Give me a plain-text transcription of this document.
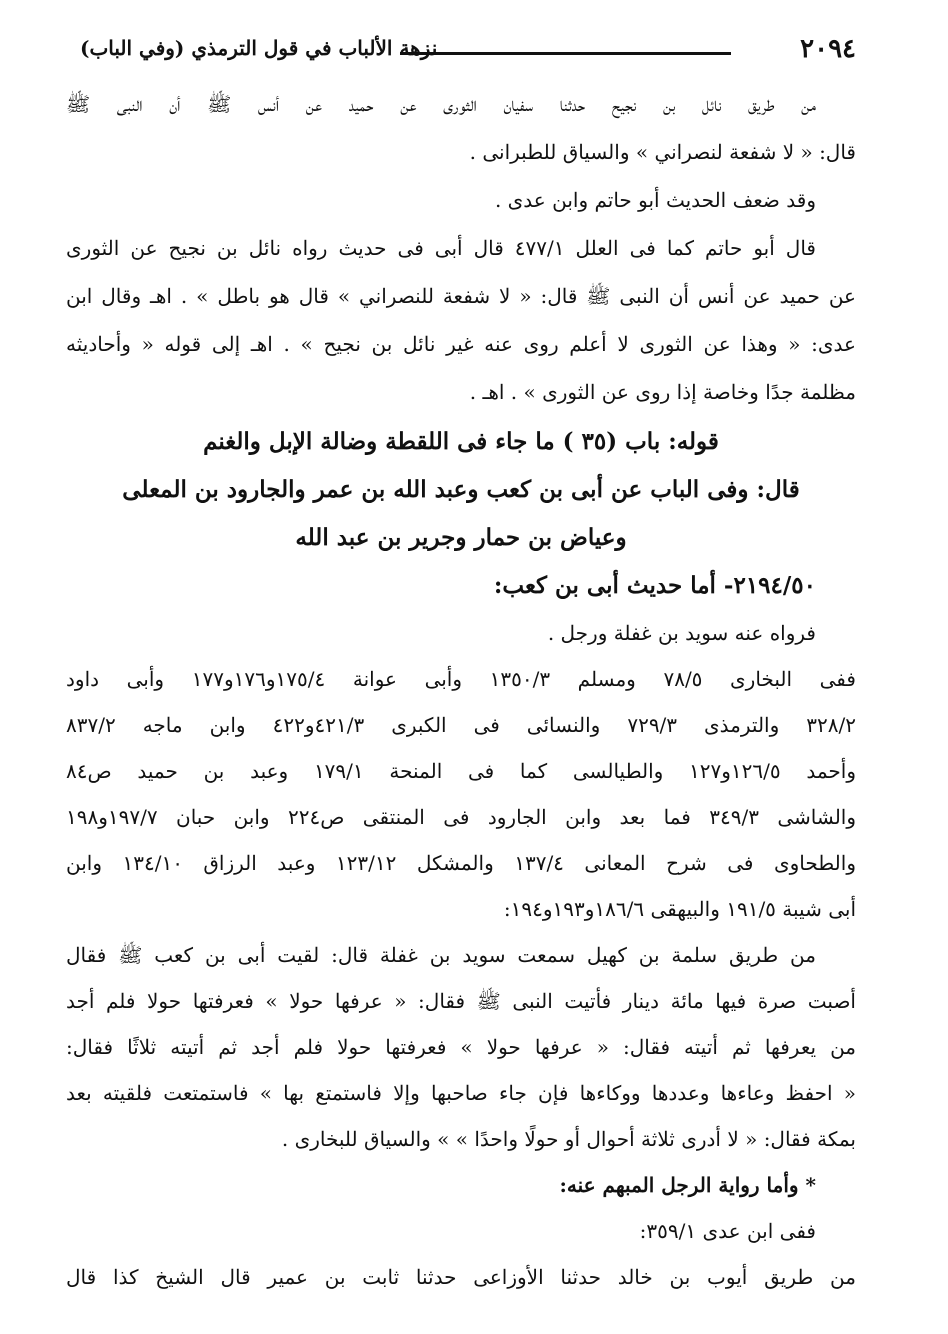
٢٠٩٤
نزهة الألباب في قول الترمذي (وفي الباب)
من طريق نائل بن نجيح حدثنا سفيان الثورى عن حميد عن أنس ﷺ أن النبى ﷺ
قال: « لا شفعة لنصراني » والسياق للطبرانى .
وقد ضعف الحديث أبو حاتم وابن عدى .
قال أبو حاتم كما فى العلل ٤٧٧/١ قال أبى فى حديث رواه نائل بن نجيح عن الثورى
عن حميد عن أنس أن النبى ﷺ قال: « لا شفعة للنصراني » قال هو باطل » . اهـ وقال ابن
عدى: « وهذا عن الثورى لا أعلم روى عنه غير نائل بن نجيح » . اهـ إلى قوله « وأحاديثه
مظلمة جدًا وخاصة إذا روى عن الثورى » . اهـ .
قوله: باب (٣٥ ) ما جاء فى اللقطة وضالة الإبل والغنم
قال: وفى الباب عن أبى بن كعب وعبد الله بن عمر والجارود بن المعلى
وعياض بن حمار وجرير بن عبد الله
٢١٩٤/٥٠- أما حديث أبى بن كعب:
فرواه عنه سويد بن غفلة ورجل .
ففى البخارى ٧٨/٥ ومسلم ١٣٥٠/٣ وأبى عوانة ١٧٥/٤و١٧٦و١٧٧ وأبى داود
٣٢٨/٢ والترمذى ٧٢٩/٣ والنسائى فى الكبرى ٤٢١/٣و٤٢٢ وابن ماجه ٨٣٧/٢
وأحمد ١٢٦/٥و١٢٧ والطيالسى كما فى المنحة ١٧٩/١ وعبد بن حميد ص٨٤
والشاشى ٣٤٩/٣ فما بعد وابن الجارود فى المنتقى ص٢٢٤ وابن حبان ١٩٧/٧و١٩٨
والطحاوى فى شرح المعانى ١٣٧/٤ والمشكل ١٢٣/١٢ وعبد الرزاق ١٣٤/١٠ وابن
أبى شيبة ١٩١/٥ والبيهقى ١٨٦/٦و١٩٣و١٩٤:
من طريق سلمة بن كهيل سمعت سويد بن غفلة قال: لقيت أبى بن كعب ﷺ فقال
أصبت صرة فيها مائة دينار فأتيت النبى ﷺ فقال: « عرفها حولا » فعرفتها حولا فلم أجد
من يعرفها ثم أتيته فقال: « عرفها حولا » فعرفتها حولا فلم أجد ثم أتيته ثلاثًا فقال:
« احفظ وعاءها وعددها ووكاءها فإن جاء صاحبها وإلا فاستمتع بها » فاستمتعت فلقيته بعد
بمكة فقال: « لا أدرى ثلاثة أحوال أو حولًا واحدًا » » والسياق للبخارى .
* وأما رواية الرجل المبهم عنه:
ففى ابن عدى ٣٥٩/١:
من طريق أيوب بن خالد حدثنا الأوزاعى حدثنا ثابت بن عمير قال الشيخ كذا قال
